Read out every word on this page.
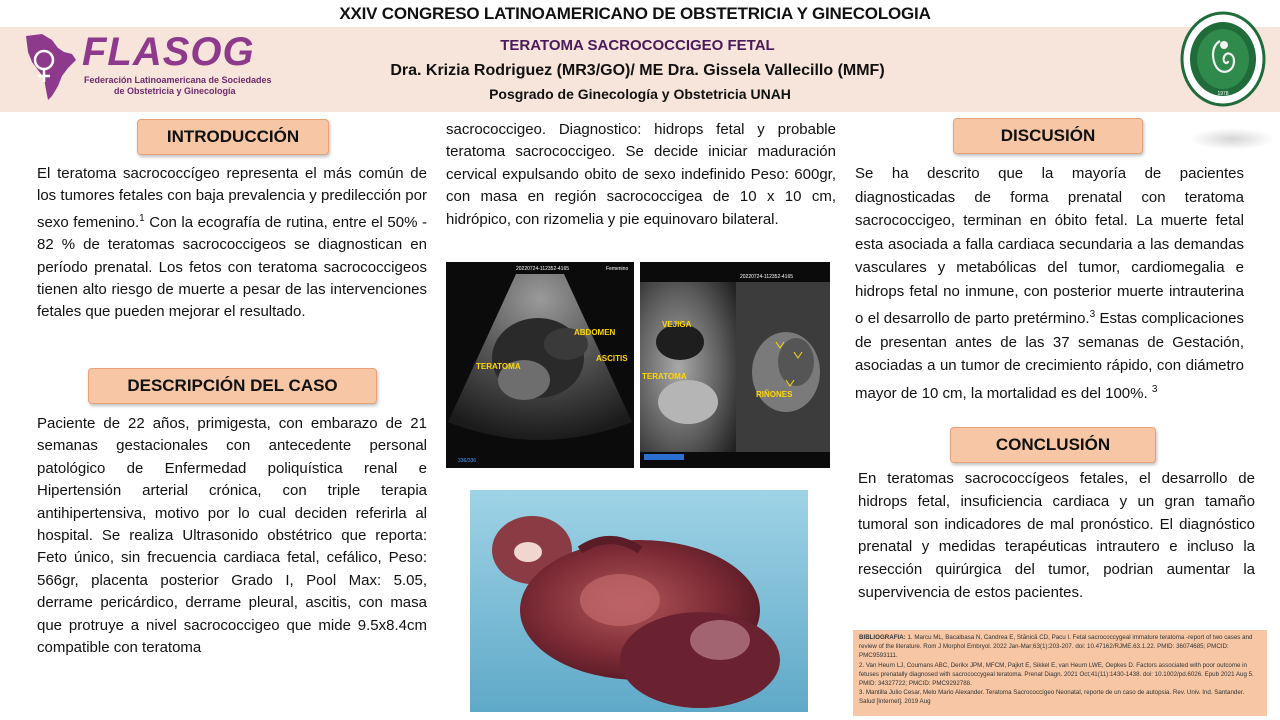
XXIV CONGRESO LATINOAMERICANO DE OBSTETRICIA Y GINECOLOGIA
FLASOG
Federación Latinoamericana de Sociedades
de Obstetricia y Ginecología
TERATOMA SACROCOCCIGEO FETAL
Dra. Krizia Rodriguez (MR3/GO)/ ME Dra. Gissela Vallecillo (MMF)
Posgrado de Ginecología y Obstetricia UNAH	1978
INTRODUCCIÓN
El teratoma sacrococcígeo representa el más común de los tumores fetales con baja prevalencia y predilección por sexo femenino.$^1$ Con la ecografía de rutina, entre el 50% - 82 % de teratomas sacrococcigeos se diagnostican en período prenatal. Los fetos con teratoma sacrococcigeos tienen alto riesgo de muerte a pesar de las intervenciones fetales que pueden mejorar el resultado.
DESCRIPCIÓN DEL CASO
Paciente de 22 años, primigesta, con embarazo de 21 semanas gestacionales con antecedente personal patológico de Enfermedad poliquística renal e Hipertensión arterial crónica, con triple terapia antihipertensiva, motivo por lo cual deciden referirla al hospital. Se realiza Ultrasonido obstétrico que reporta: Feto único, sin frecuencia cardiaca fetal, cefálico, Peso: 566gr, placenta posterior Grado I, Pool Max: 5.05, derrame pericárdico, derrame pleural, ascitis, con masa que protruye a nivel sacrococcigeo que mide 9.5x8.4cm compatible con teratoma
sacrococcigeo. Diagnostico: hidrops fetal y probable teratoma sacrococcigeo. Se decide iniciar maduración cervical expulsando obito de sexo indefinido Peso: 600gr, con masa en región sacrococcigea de 10 x 10 cm, hidrópico, con rizomelia y pie equinovaro bilateral.
20220724-112352-4165	Femenino
ABDOMEN
ASCITIS
TERATOMA
336/336
VEJIGA
TERATOMA
20220724-112352-4165
RIÑONES
DISCUSIÓN
Se ha descrito que la mayoría de pacientes diagnosticadas de forma prenatal con teratoma sacrococcigeo, terminan en óbito fetal. La muerte fetal esta asociada a falla cardiaca secundaria a las demandas vasculares y metabólicas del tumor, cardiomegalia e hidrops fetal no inmune, con posterior muerte intrauterina o el desarrollo de parto pretérmino.$^3$ Estas complicaciones de presentan antes de las 37 semanas de Gestación, asociadas a un tumor de crecimiento rápido, con diámetro mayor de 10 cm, la mortalidad es del 100%. $^3$
CONCLUSIÓN
En teratomas sacrococcígeos fetales, el desarrollo de hidrops fetal, insuficiencia cardiaca y un gran tamaño tumoral son indicadores de mal pronóstico. El diagnóstico prenatal y medidas terapéuticas intrautero e incluso la resección quirúrgica del tumor, podrian aumentar la supervivencia de estos pacientes.
BIBLIOGRAFIA: 1. Marcu ML, Bacalbasa N, Candrea E, Stănică CD, Pacu I. Fetal sacrococcygeal immature teratoma -report of two cases and review of the literature. Rom J Morphol Embryol. 2022 Jan-Mar;63(1):203-207. doi: 10.47162/RJME.63.1.22. PMID: 36074685; PMCID: PMC9593111.
2. Van Heurn LJ, Coumans ABC, Derikx JPM, MFCM, Pajkrt E, Sikkel E, van Heurn LWE, Oepkes D. Factors associated with poor outcome in fetuses prenatally diagnosed with sacrococcygeal teratoma. Prenat Diagn. 2021 Oct;41(11):1430-1438. doi: 10.1002/pd.6026. Epub 2021 Aug 5. PMID: 34327722; PMCID: PMC9292788.
3. Mantilla Julio Cesar, Melo Mario Alexander. Teratoma Sacrococcígeo Neonatal, reporte de un caso de autopsia. Rev. Univ. Ind. Santander. Salud [Internet]. 2019 Aug
